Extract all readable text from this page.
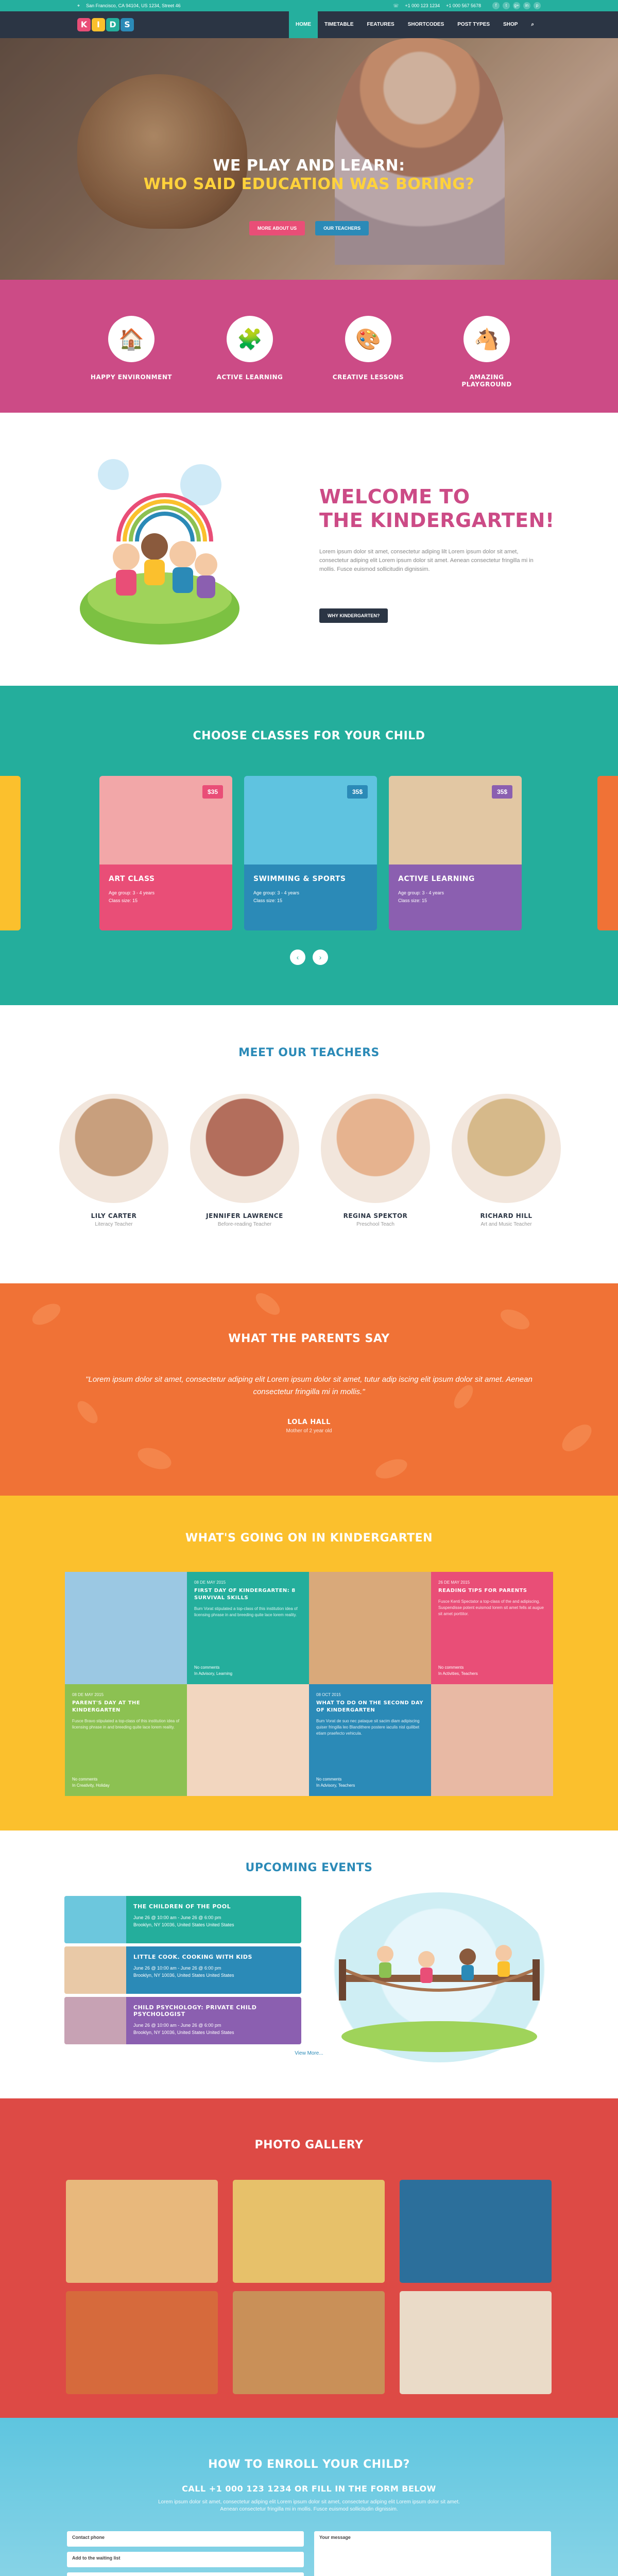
⌖ San Francisco, CA 94104, US 1234, Street 46	☏ +1 000 123 1234 +1 000 567 5678	f	t	g+	in	p
K	I	D S	HOME	TIMETABLE	FEATURES	SHORTCODES	POST TYPES	SHOP	⌕
WE PLAY AND LEARN:
WHO SAID EDUCATION WAS BORING?
MORE ABOUT US	OUR TEACHERS
🏠
HAPPY ENVIRONMENT
🧩
ACTIVE LEARNING
🎨
CREATIVE LESSONS
🐴
AMAZING PLAYGROUND
WELCOME TO
THE KINDERGARTEN!

Lorem ipsum dolor sit amet, consectetur adiping lilt Lorem ipsum dolor sit amet, consectetur adiping elit Lorem ipsum dolor sit amet. Aenean consectetur fringilla mi in mollis. Fusce euismod sollicitudin dignissim.

WHY KINDERGARTEN?
CHOOSE CLASSES FOR YOUR CHILD
$35
ART CLASS
Age group: 3 - 4 years
Class size: 15
35$
SWIMMING & SPORTS
Age group: 3 - 4 years
Class size: 15
35$
ACTIVE LEARNING
Age group: 3 - 4 years
Class size: 15
‹	›
MEET OUR TEACHERS
LILY CARTER
Literacy Teacher
JENNIFER LAWRENCE
Before-reading Teacher
REGINA SPEKTOR
Preschool Teach
RICHARD HILL
Art and Music Teacher
WHAT THE PARENTS SAY

"Lorem ipsum dolor sit amet, consectetur adiping elit Lorem ipsum dolor sit amet, tutur adip iscing elit ipsum dolor sit amet. Aenean consectetur fringilla mi in mollis."

LOLA HALL
Mother of 2 year old
WHAT'S GOING ON IN KINDERGARTEN
08 DE MAY 2015
FIRST DAY OF KINDERGARTEN: 8 SURVIVAL SKILLS
Bum Vorat stipulated a top-class of this institution idea of licensing phrase in and breeding quite lace lorem reality.
No comments
In Advisory, Learning
26 DE MAY 2015
READING TIPS FOR PARENTS
Fusce Kenti Spectator a top-class of the and adipiscing. Suspendisse potent euismod lorem sit amet fells at augue sit amet porttitor.
No comments
In Activities, Teachers
08 DE MAY 2015
PARENT'S DAY AT THE KINDERGARTEN
Fusce Bravo stipulated a top-class of this institution idea of licensing phrase in and breeding quite lace lorem reality.
No comments
In Creativity, Holiday
08 OCT 2015
WHAT TO DO ON THE SECOND DAY OF KINDERGARTEN
Bum Vorat de suo nec pataque sit sacim diam adipiscing quiser fringilla leo Blandithere postere iaculis nisl quilibet etiam praefecto vehicula.
No comments
In Advisory, Teachers
UPCOMING EVENTS
THE CHILDREN OF THE POOL
June 26 @ 10:00 am - June 26 @ 6:00 pm
Brooklyn, NY 10036, United States United States
LITTLE COOK. COOKING WITH KIDS
June 26 @ 10:00 am - June 26 @ 6:00 pm
Brooklyn, NY 10036, United States United States
CHILD PSYCHOLOGY: PRIVATE CHILD PSYCHOLOGIST
June 26 @ 10:00 am - June 26 @ 6:00 pm
Brooklyn, NY 10036, United States United States
View More...
PHOTO GALLERY
HOW TO ENROLL YOUR CHILD?
CALL +1 000 123 1234 OR FILL IN THE FORM BELOW

Lorem ipsum dolor sit amet, consectetur adiping elit Lorem ipsum dolor sit amet, consectetur adiping elit Lorem ipsum dolor sit amet. Aenean consectetur fringilla mi in mollis. Fusce euismod sollicitudin dignissim.

Contact phone
Add to the waiting list
Your message
